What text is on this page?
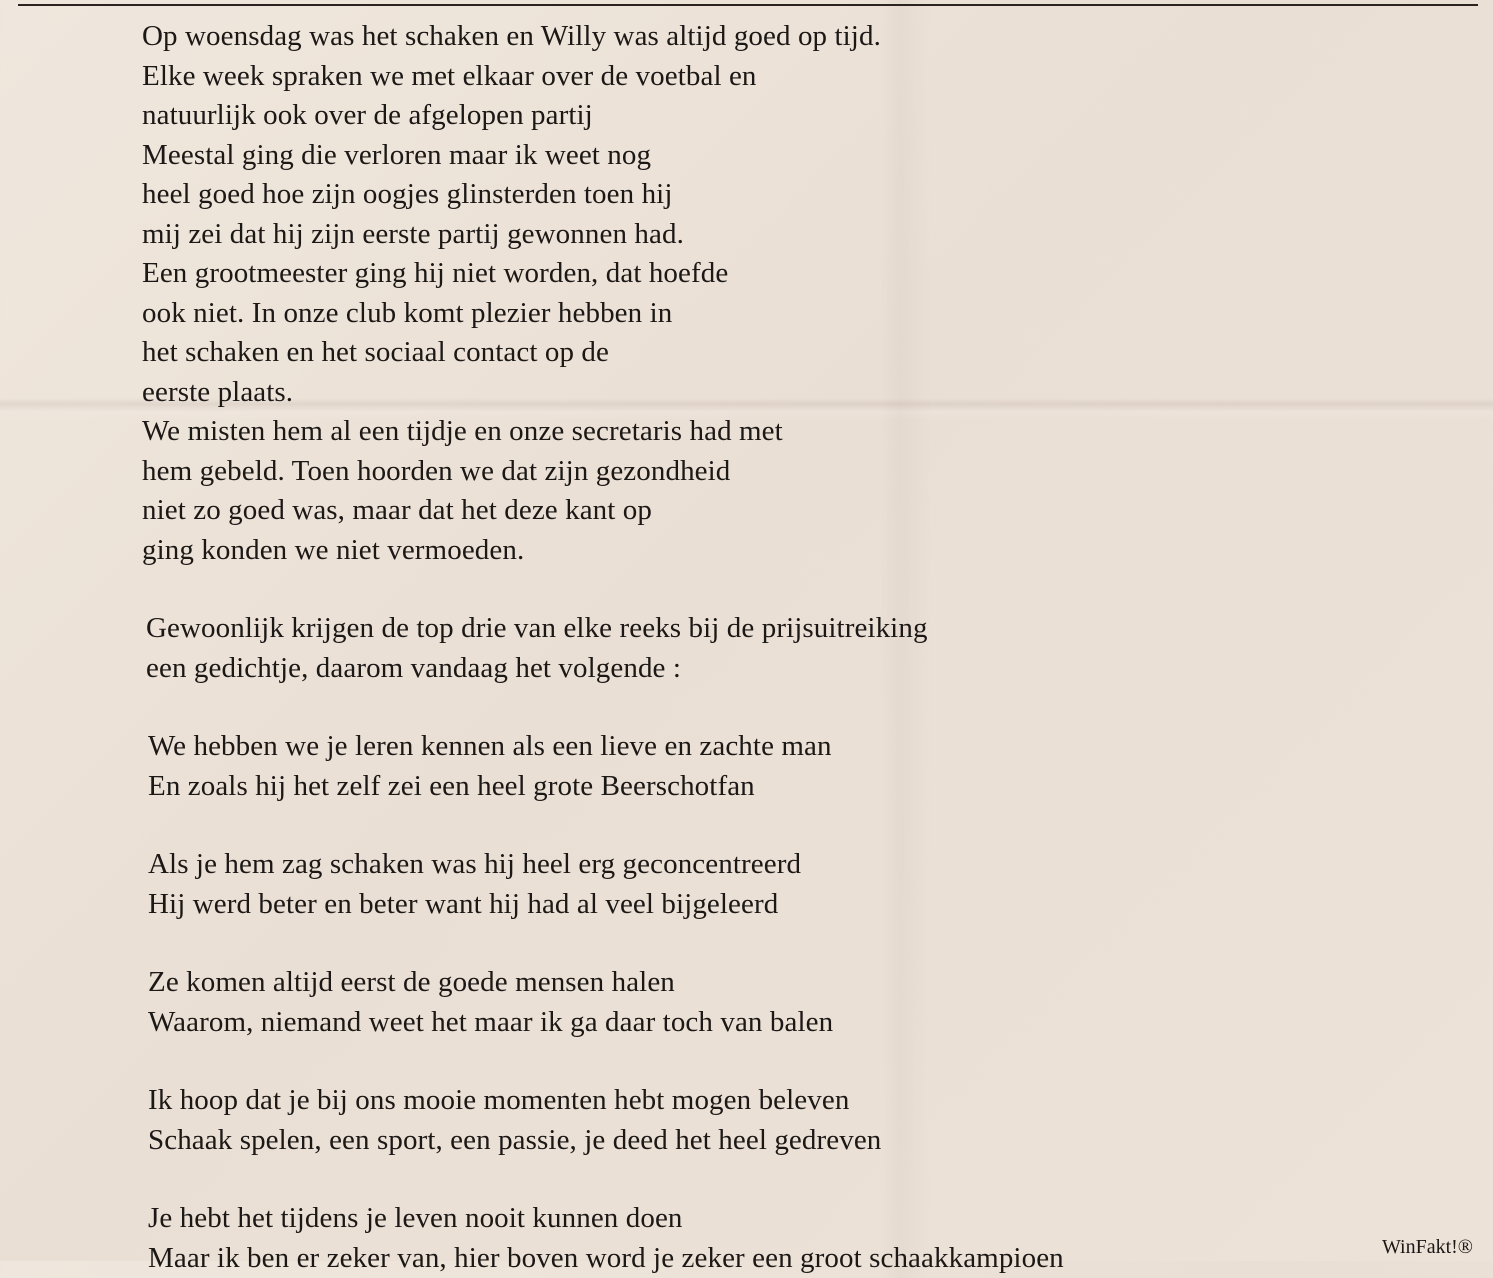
Op woensdag was het schaken en Willy was altijd goed op tijd.
Elke week spraken we met elkaar over de voetbal en
natuurlijk ook over de afgelopen partij
Meestal ging die verloren maar ik weet nog
heel goed hoe zijn oogjes glinsterden toen hij
mij zei dat hij zijn eerste partij gewonnen had.
Een grootmeester ging hij niet worden, dat hoefde
ook niet. In onze club komt plezier hebben in
het schaken en het sociaal contact op de
eerste plaats.
We misten hem al een tijdje en onze secretaris had met
hem gebeld. Toen hoorden we dat zijn gezondheid
niet zo goed was, maar dat het deze kant op
ging konden we niet vermoeden.
Gewoonlijk krijgen de top drie van elke reeks bij de prijsuitreiking
een gedichtje, daarom vandaag het volgende :
We hebben we je leren kennen als een lieve en zachte man
En zoals hij het zelf zei een heel grote Beerschotfan
Als je hem zag schaken was hij heel erg geconcentreerd
Hij werd beter en beter want hij had al veel bijgeleerd
Ze komen altijd eerst de goede mensen halen
Waarom, niemand weet het maar ik ga daar toch van balen
Ik hoop dat je bij ons mooie momenten hebt mogen beleven
Schaak spelen, een sport, een passie, je deed het heel gedreven
Je hebt het tijdens je leven nooit kunnen doen
Maar ik ben er zeker van, hier boven word je zeker een groot schaakkampioen	WinFakt!®
